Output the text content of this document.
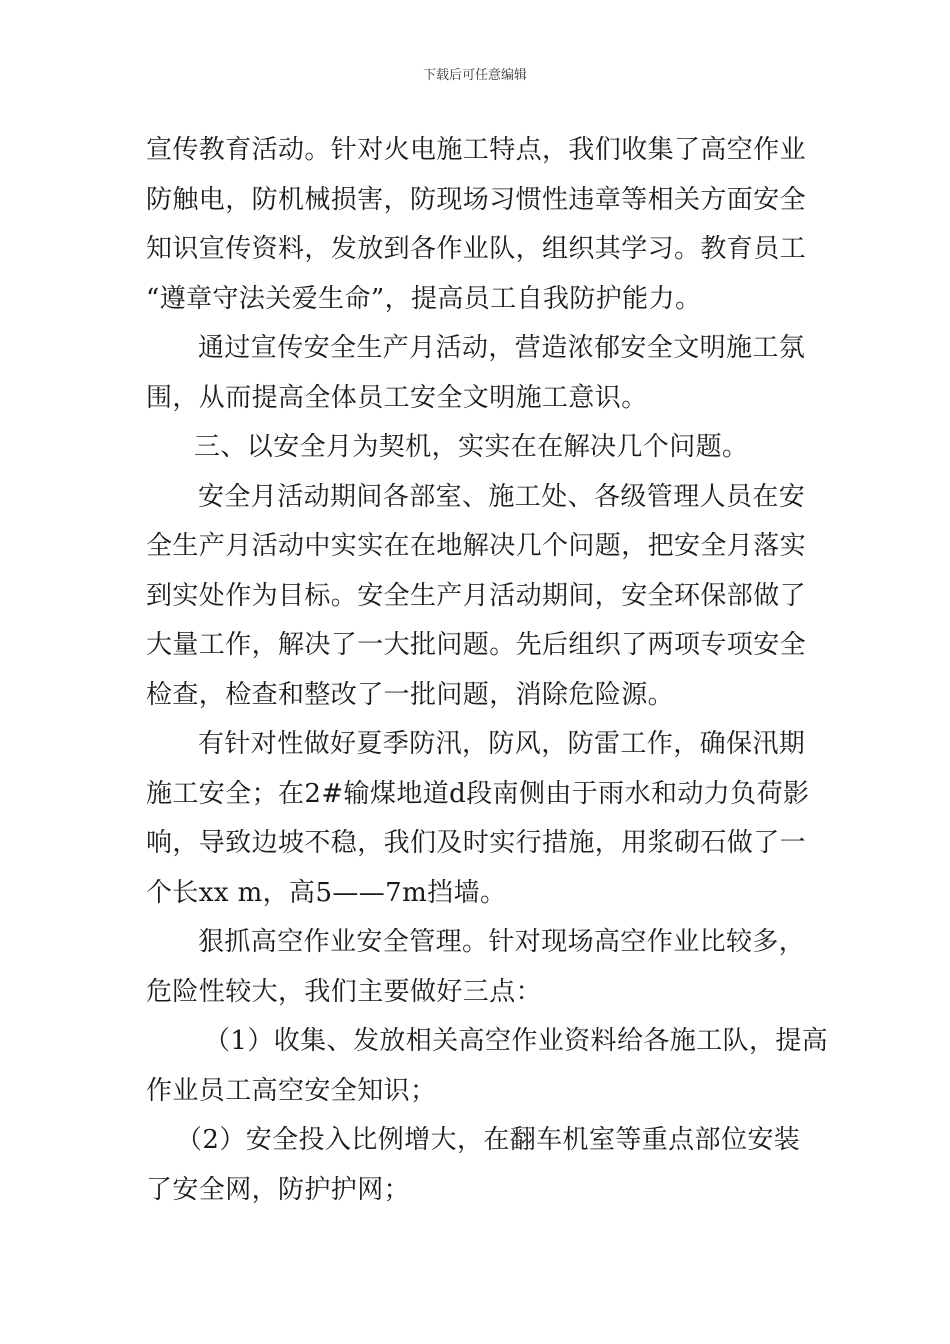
下载后可任意编辑
宣传教育活动。针对火电施工特点，我们收集了高空作业
防触电，防机械损害，防现场习惯性违章等相关方面安全
知识宣传资料，发放到各作业队，组织其学习。教育员工
“遵章守法关爱生命”，提高员工自我防护能力。
通过宣传安全生产月活动，营造浓郁安全文明施工氛
围，从而提高全体员工安全文明施工意识。
三、以安全月为契机，实实在在解决几个问题。
安全月活动期间各部室、施工处、各级管理人员在安
全生产月活动中实实在在地解决几个问题，把安全月落实
到实处作为目标。安全生产月活动期间，安全环保部做了
大量工作，解决了一大批问题。先后组织了两项专项安全
检查，检查和整改了一批问题，消除危险源。
有针对性做好夏季防汛，防风，防雷工作，确保汛期
施工安全；在2#输煤地道d段南侧由于雨水和动力负荷影
响，导致边坡不稳，我们及时实行措施，用浆砌石做了一
个长xx m，高5——7m挡墙。
狠抓高空作业安全管理。针对现场高空作业比较多，
危险性较大，我们主要做好三点：
（1）收集、发放相关高空作业资料给各施工队，提高
作业员工高空安全知识；
（2）安全投入比例增大，在翻车机室等重点部位安装
了安全网，防护护网；
